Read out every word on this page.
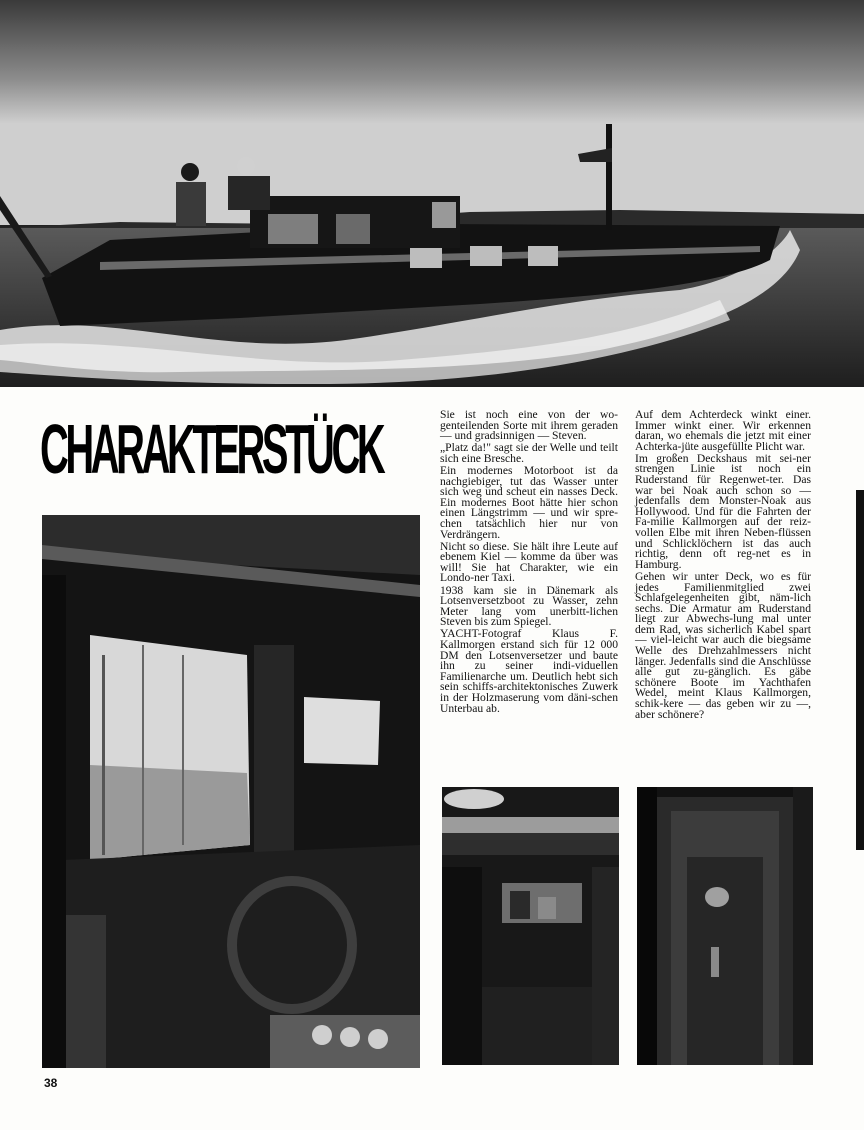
CHARAKTERSTÜCK	Sie ist noch eine von der wo-genteilenden Sorte mit ihrem geraden — und gradsinnigen — Steven.

„Platz da!" sagt sie der Welle und teilt sich eine Bresche.

Ein modernes Motorboot ist da nachgiebiger, tut das Wasser unter sich weg und scheut ein nasses Deck. Ein modernes Boot hätte hier schon einen Längstrimm — und wir spre-chen tatsächlich hier nur von Verdrängern.

Nicht so diese. Sie hält ihre Leute auf ebenem Kiel — komme da über was will! Sie hat Charakter, wie ein Londo-ner Taxi.

1938 kam sie in Dänemark als Lotsenversetzboot zu Wasser, zehn Meter lang vom unerbitt-lichen Steven bis zum Spiegel.

YACHT-Fotograf Klaus F. Kallmorgen erstand sich für 12 000 DM den Lotsenversetzer und baute ihn zu seiner indi-viduellen Familienarche um. Deutlich hebt sich sein schiffs-architektonisches Zuwerk in der Holzmaserung vom däni-schen Unterbau ab.

Auf dem Achterdeck winkt einer. Immer winkt einer. Wir erkennen daran, wo ehemals die jetzt mit einer Achterka-jüte ausgefüllte Plicht war.

Im großen Deckshaus mit sei-ner strengen Linie ist noch ein Ruderstand für Regenwet-ter. Das war bei Noak auch schon so — jedenfalls dem Monster-Noak aus Hollywood. Und für die Fahrten der Fa-milie Kallmorgen auf der reiz-vollen Elbe mit ihren Neben-flüssen und Schlicklöchern ist das auch richtig, denn oft reg-net es in Hamburg.

Gehen wir unter Deck, wo es für jedes Familienmitglied zwei Schlafgelegenheiten gibt, näm-lich sechs. Die Armatur am Ruderstand liegt zur Abwechs-lung mal unter dem Rad, was sicherlich Kabel spart — viel-leicht war auch die biegsame Welle des Drehzahlmessers nicht länger. Jedenfalls sind die Anschlüsse alle gut zu-gänglich. Es gäbe schönere Boote im Yachthafen Wedel, meint Klaus Kallmorgen, schik-kere — das geben wir zu —, aber schönere?

38
